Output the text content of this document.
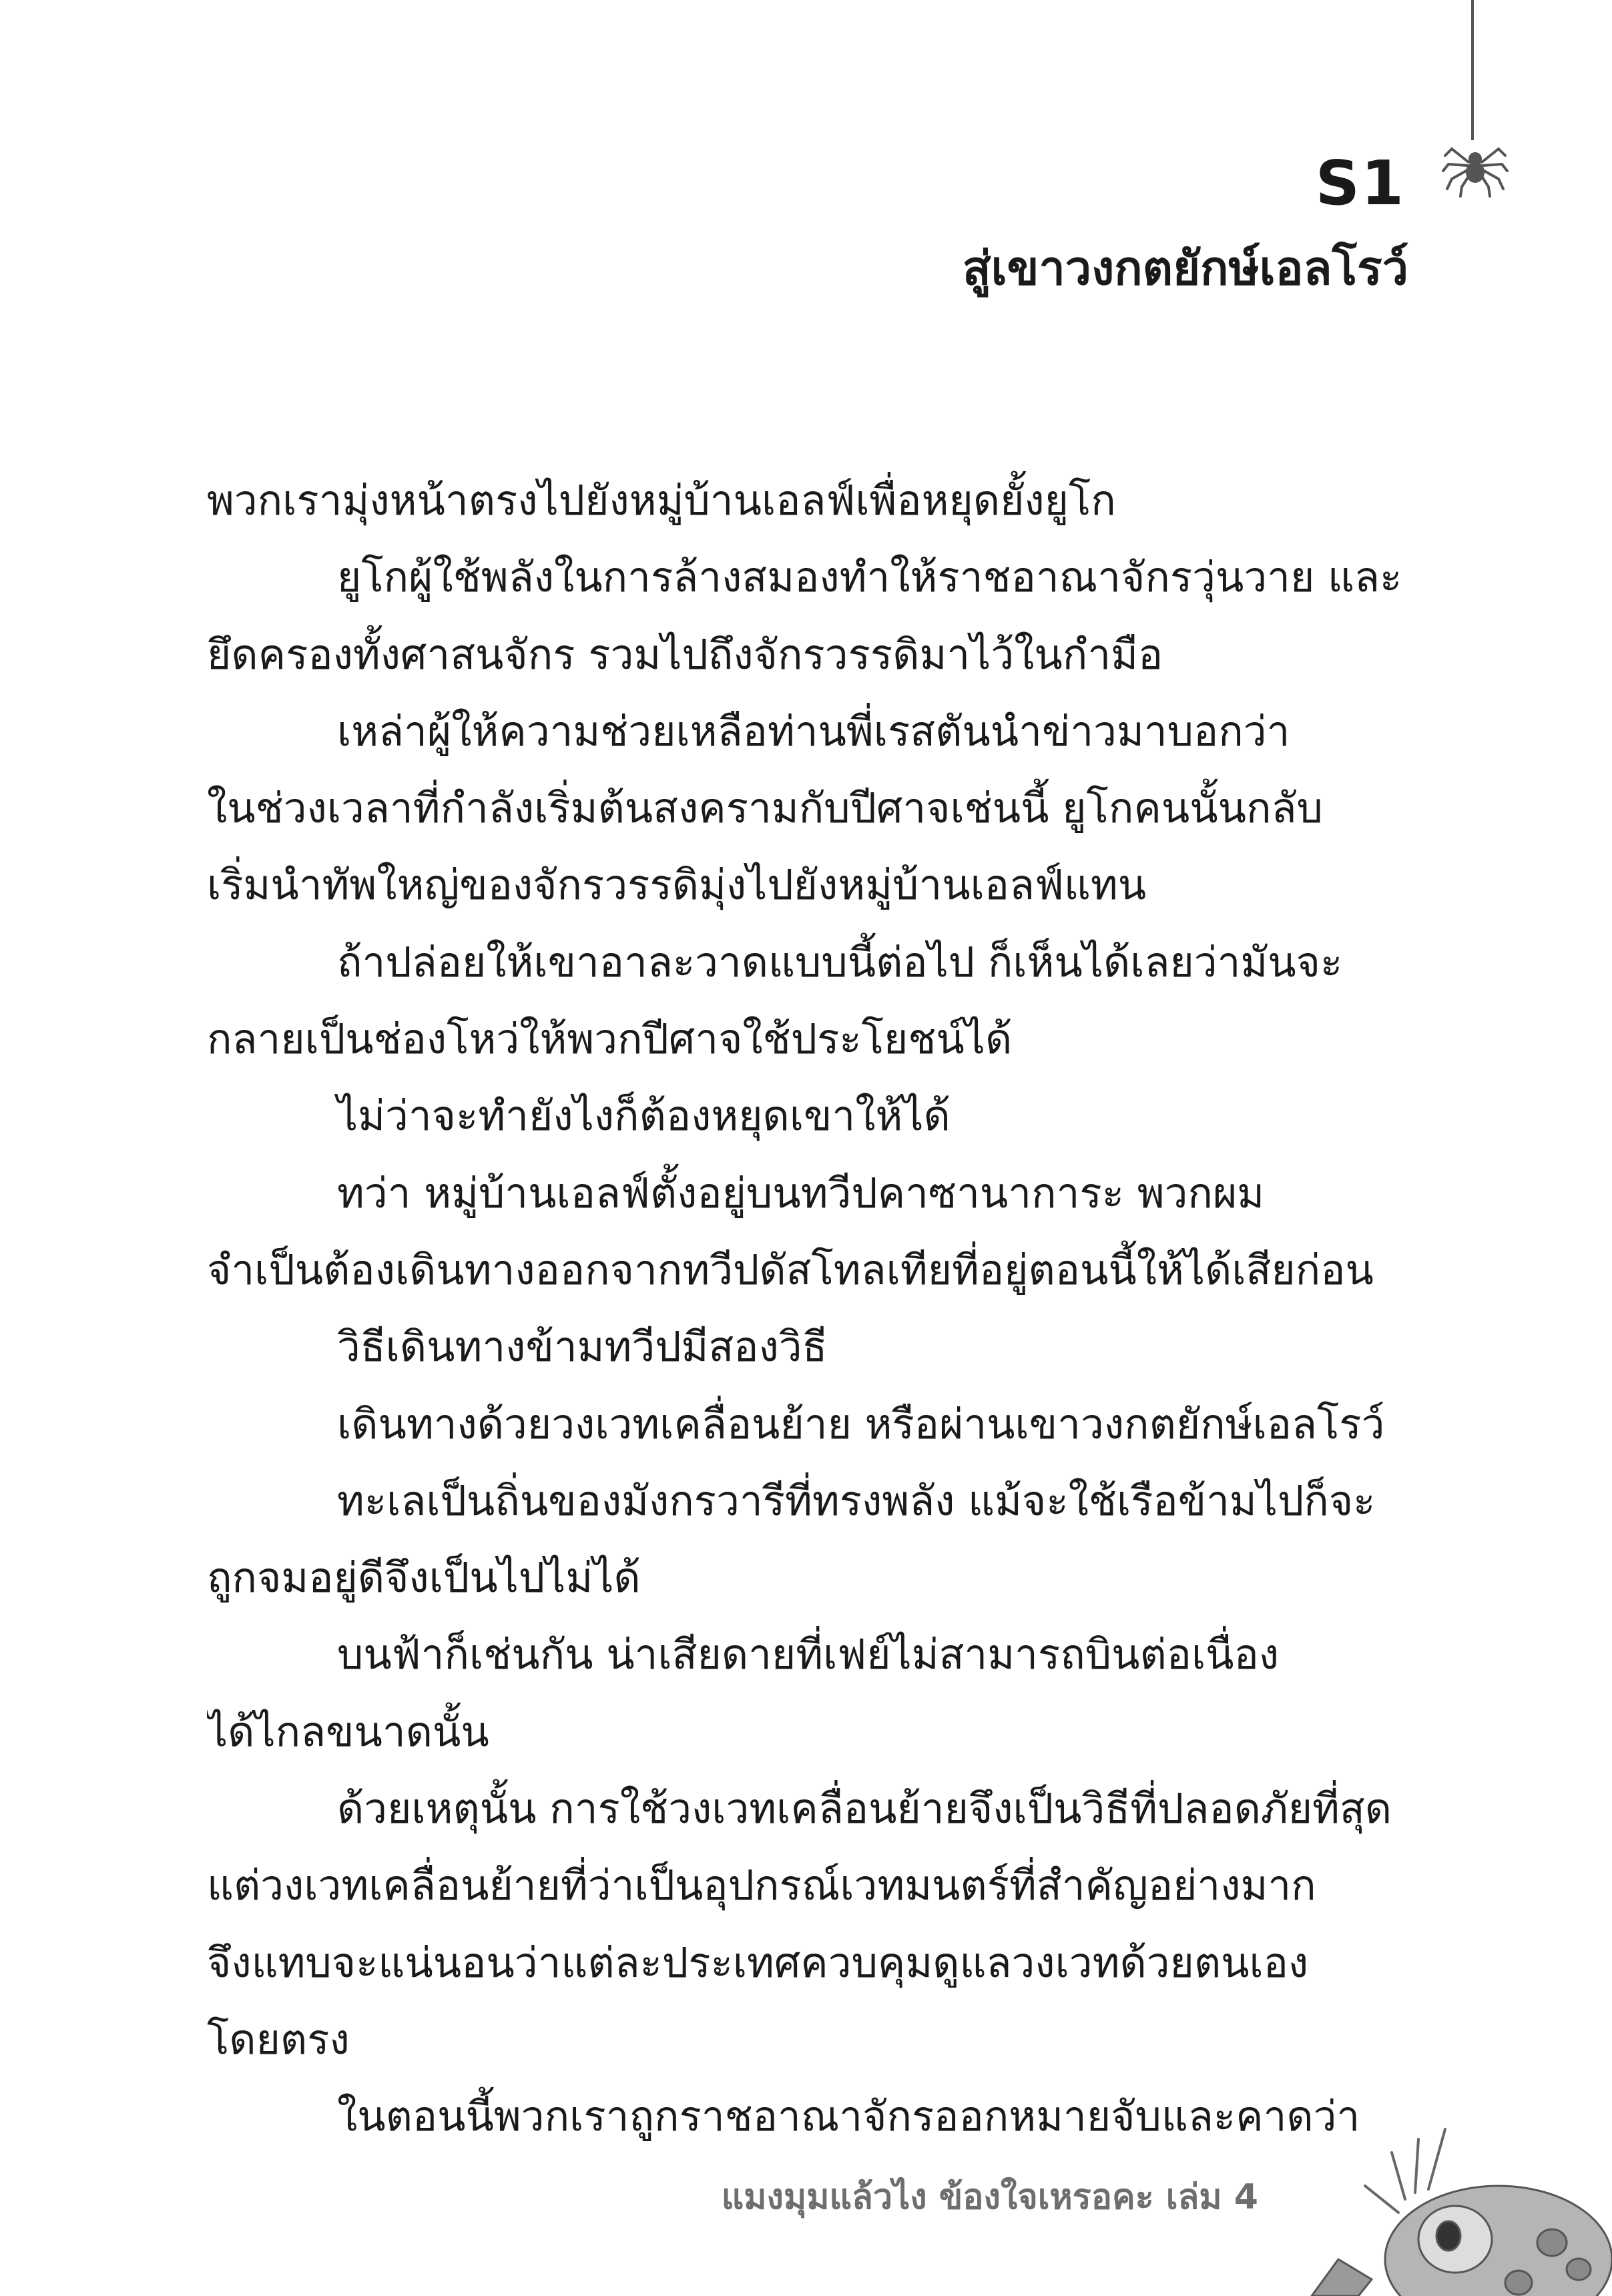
S1
สู่เขาวงกตยักษ์เอลโรว์

พวกเรามุ่งหน้าตรงไปยังหมู่บ้านเอลฟ์เพื่อหยุดยั้งยูโก

ยูโกผู้ใช้พลังในการล้างสมองทำให้ราชอาณาจักรวุ่นวาย และ

ยึดครองทั้งศาสนจักร รวมไปถึงจักรวรรดิมาไว้ในกำมือ

เหล่าผู้ให้ความช่วยเหลือท่านพี่เรสตันนำข่าวมาบอกว่า

ในช่วงเวลาที่กำลังเริ่มต้นสงครามกับปีศาจเช่นนี้ ยูโกคนนั้นกลับ

เริ่มนำทัพใหญ่ของจักรวรรดิมุ่งไปยังหมู่บ้านเอลฟ์แทน

ถ้าปล่อยให้เขาอาละวาดแบบนี้ต่อไป ก็เห็นได้เลยว่ามันจะ

กลายเป็นช่องโหว่ให้พวกปีศาจใช้ประโยชน์ได้

ไม่ว่าจะทำยังไงก็ต้องหยุดเขาให้ได้

ทว่า หมู่บ้านเอลฟ์ตั้งอยู่บนทวีปคาซานาการะ พวกผม

จำเป็นต้องเดินทางออกจากทวีปดัสโทลเทียที่อยู่ตอนนี้ให้ได้เสียก่อน

วิธีเดินทางข้ามทวีปมีสองวิธี

เดินทางด้วยวงเวทเคลื่อนย้าย หรือผ่านเขาวงกตยักษ์เอลโรว์

ทะเลเป็นถิ่นของมังกรวารีที่ทรงพลัง แม้จะใช้เรือข้ามไปก็จะ

ถูกจมอยู่ดีจึงเป็นไปไม่ได้

บนฟ้าก็เช่นกัน น่าเสียดายที่เฟย์ไม่สามารถบินต่อเนื่อง

ได้ไกลขนาดนั้น

ด้วยเหตุนั้น การใช้วงเวทเคลื่อนย้ายจึงเป็นวิธีที่ปลอดภัยที่สุด

แต่วงเวทเคลื่อนย้ายที่ว่าเป็นอุปกรณ์เวทมนตร์ที่สำคัญอย่างมาก

จึงแทบจะแน่นอนว่าแต่ละประเทศควบคุมดูแลวงเวทด้วยตนเอง

โดยตรง

ในตอนนี้พวกเราถูกราชอาณาจักรออกหมายจับและคาดว่า

แมงมุมแล้วไง ข้องใจเหรอคะ เล่ม 4
